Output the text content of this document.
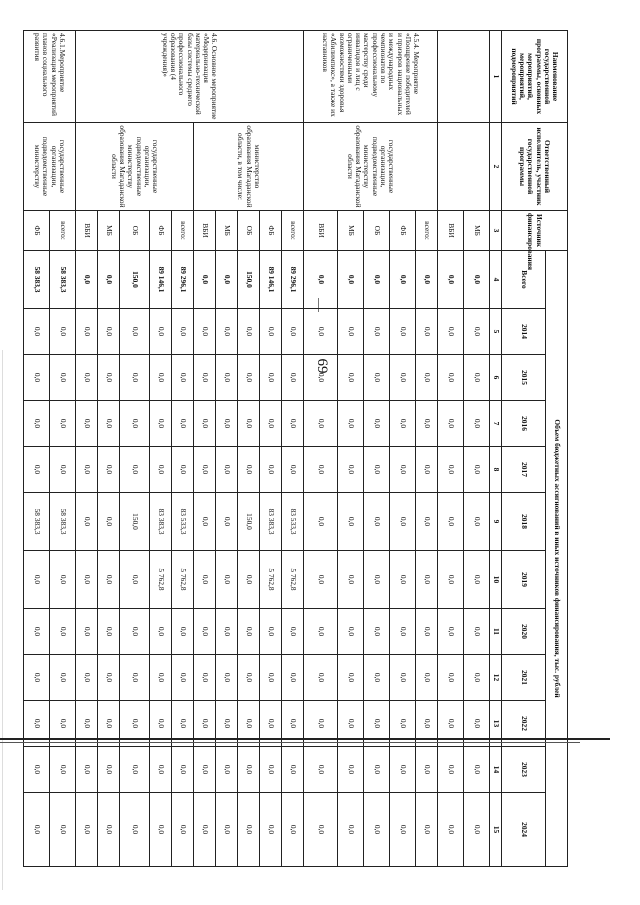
69
Наименование государственной программы, основных мероприятий, мероприятий, подмероприятий	Ответственный исполнитель, участник государственной программы	Источник финансирования	Объем бюджетных ассигнований в иных источников финансирования, тыс. рублей											
			Всего	2014	2015	2016	2017	2018	2019	2020	2021	2022	2023	2024
1	2	3	4	5	6	7	8	9	10	11	12	13	14	15
		МБ	0,0	0,0	0,0	0,0	0,0	0,0	0,0	0,0	0,0	0,0	0,0	0,0
		ВБИ	0,0	0,0	0,0	0,0	0,0	0,0	0,0	0,0	0,0	0,0	0,0	0,0
4.5.4. Мероприятие «Поощрение победителей и призеров национальных и международных чемпионатов по профессиональному мастерству среди инвалидов и лиц с ограниченными возможностями здоровья «Абилимпикс», а также их наставников	государственные организации, подведомственные министерству образования Магаданской области	всего:	0,0	0,0	0,0	0,0	0,0	0,0	0,0	0,0	0,0	0,0	0,0	0,0
		ФБ	0,0	0,0	0,0	0,0	0,0	0,0	0,0	0,0	0,0	0,0	0,0	0,0
		ОБ	0,0	0,0	0,0	0,0	0,0	0,0	0,0	0,0	0,0	0,0	0,0	0,0
		МБ	0,0	0,0	0,0	0,0	0,0	0,0	0,0	0,0	0,0	0,0	0,0	0,0
		ВБИ	0,0	0,0	0,0	0,0	0,0	0,0	0,0	0,0	0,0	0,0	0,0	0,0
4.6. Основное мероприятие «Модернизация материально-технической базы системы среднего профессионального образования (4 учреждения)»	министерство образования Магаданской области, в том числе:	всего:	89 296,1	0,0	0,0	0,0	0,0	83 533,3	5 762,8	0,0	0,0	0,0	0,0	0,0
		ФБ	89 146,1	0,0	0,0	0,0	0,0	83 383,3	5 762,8	0,0	0,0	0,0	0,0	0,0
		ОБ	150,0	0,0	0,0	0,0	0,0	150,0	0,0	0,0	0,0	0,0	0,0	0,0
		МБ	0,0	0,0	0,0	0,0	0,0	0,0	0,0	0,0	0,0	0,0	0,0	0,0
		ВБИ	0,0	0,0	0,0	0,0	0,0	0,0	0,0	0,0	0,0	0,0	0,0	0,0
	государственные организации, подведомственные министерству образования Магаданской области	всего:	89 296,1	0,0	0,0	0,0	0,0	83 533,3	5 762,8	0,0	0,0	0,0	0,0	0,0
		ФБ	89 146,1	0,0	0,0	0,0	0,0	83 383,3	5 762,8	0,0	0,0	0,0	0,0	0,0
		ОБ	150,0	0,0	0,0	0,0	0,0	150,0	0,0	0,0	0,0	0,0	0,0	0,0
		МБ	0,0	0,0	0,0	0,0	0,0	0,0	0,0	0,0	0,0	0,0	0,0	0,0
		ВБИ	0,0	0,0	0,0	0,0	0,0	0,0	0,0	0,0	0,0	0,0	0,0	0,0
4.6.1.Мероприятие «Реализация мероприятий планов социального развития	государственные организации, подведомственные министерству	всего:	58 383,3	0,0	0,0	0,0	0,0	58 383,3	0,0	0,0	0,0	0,0	0,0	0,0
		ФБ	58 383,3	0,0	0,0	0,0	0,0	58 383,3	0,0	0,0	0,0	0,0	0,0	0,0
